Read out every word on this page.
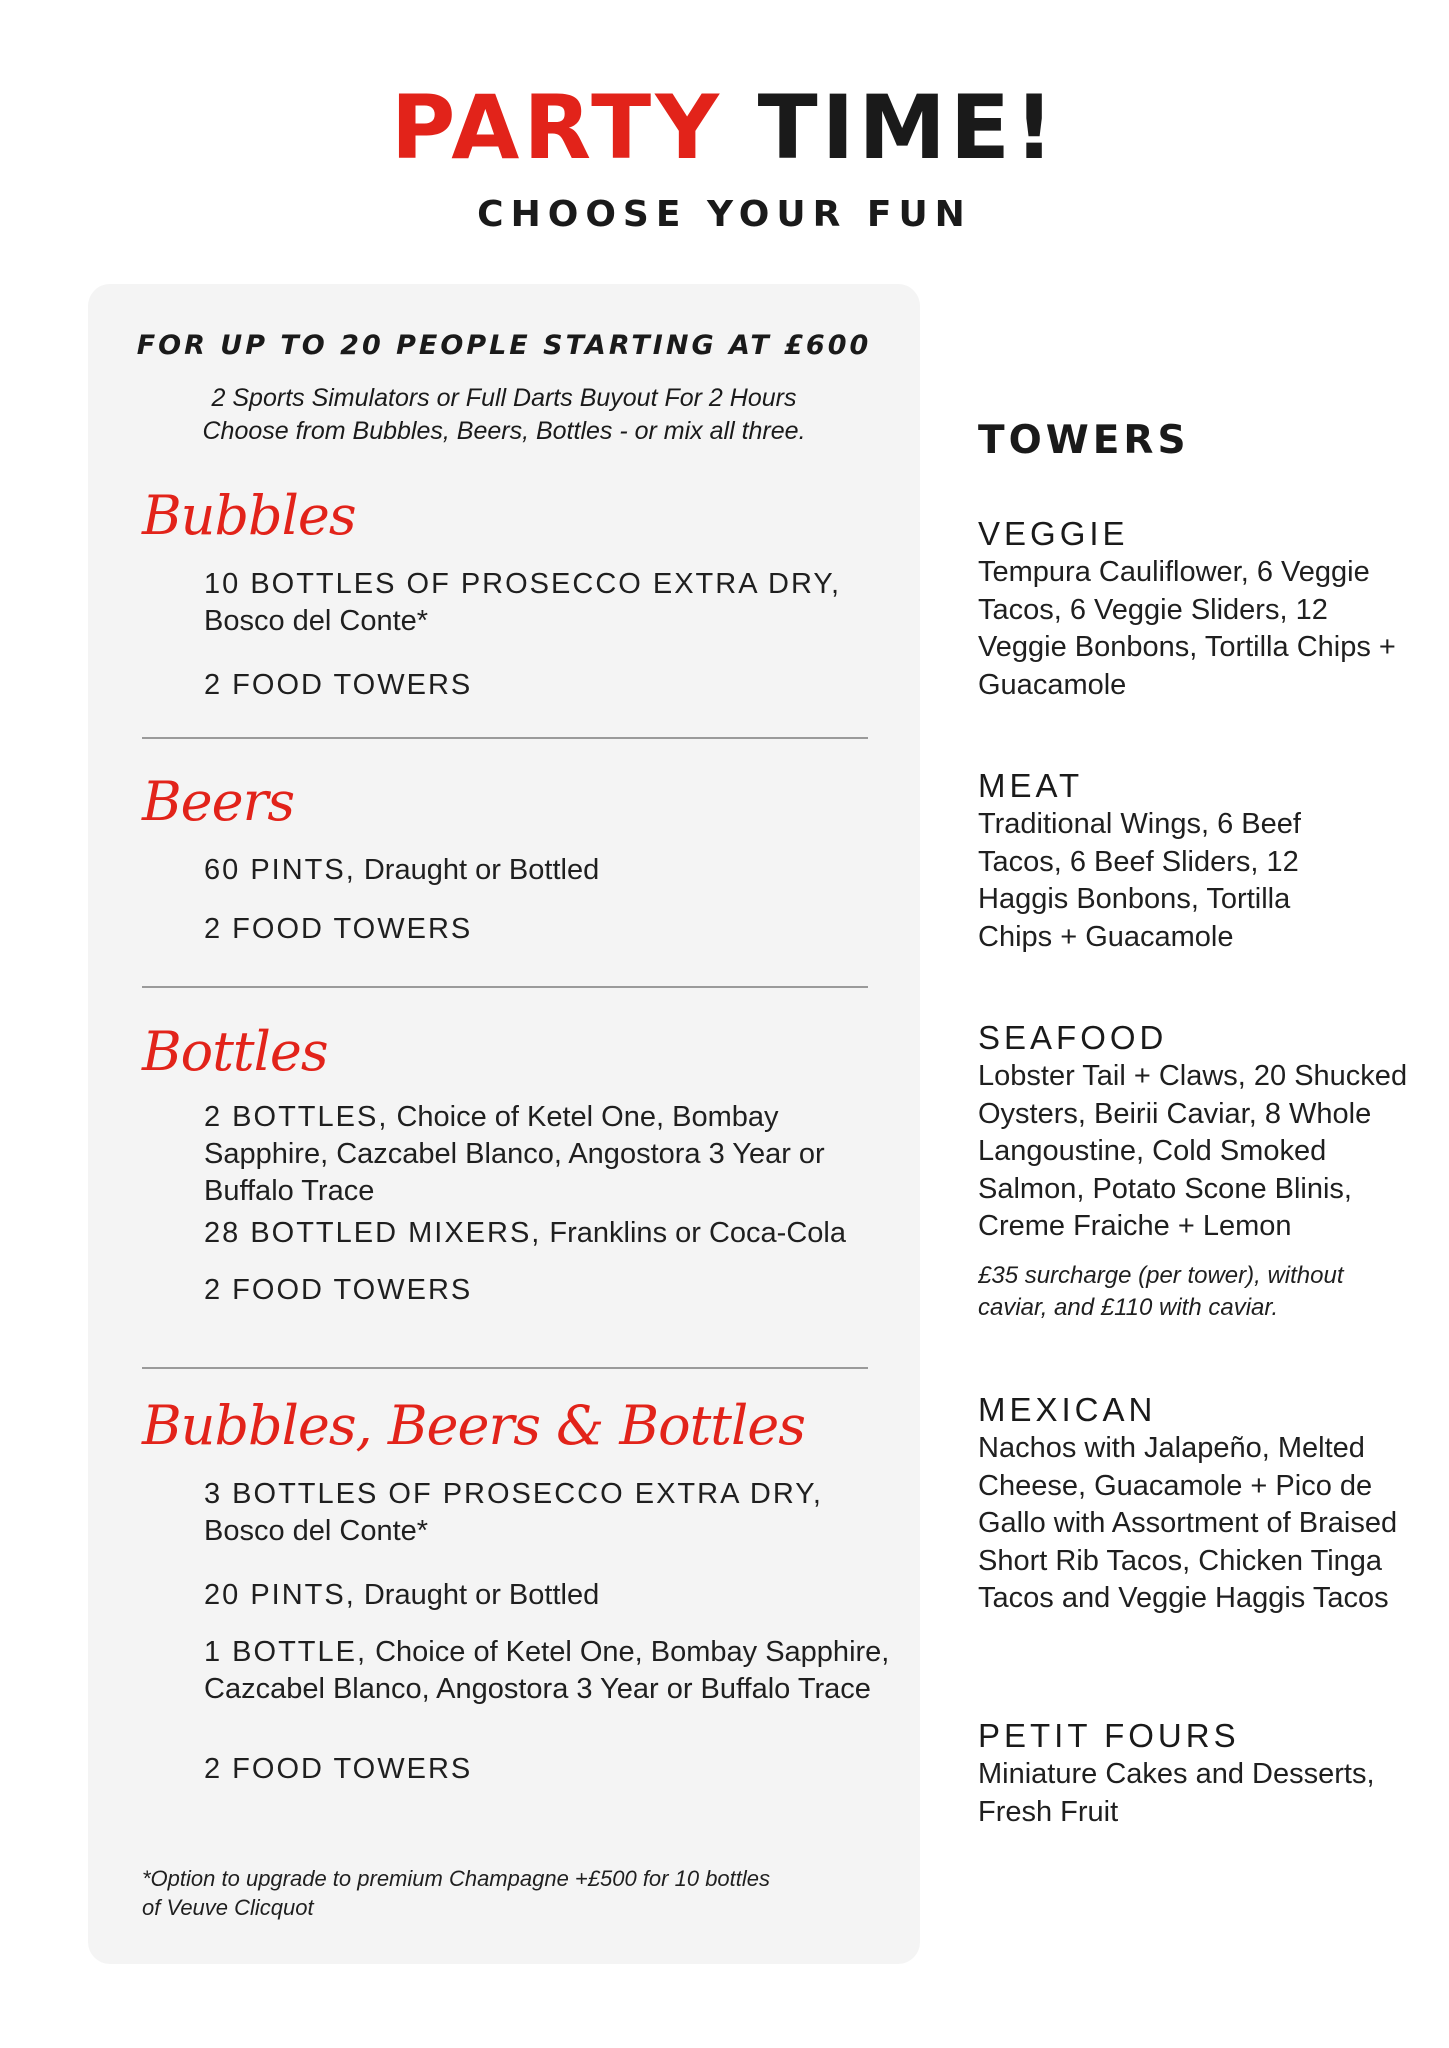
PARTY TIME!
CHOOSE YOUR FUN
FOR UP TO 20 PEOPLE STARTING AT £600
2 Sports Simulators or Full Darts Buyout For 2 Hours
Choose from Bubbles, Beers, Bottles - or mix all three.
Bubbles
10 BOTTLES OF PROSECCO EXTRA DRY,
Bosco del Conte*
2 FOOD TOWERS
Beers
60 PINTS, Draught or Bottled
2 FOOD TOWERS
Bottles
2 BOTTLES, Choice of Ketel One, Bombay Sapphire, Cazcabel Blanco, Angostora 3 Year or Buffalo Trace
28 BOTTLED MIXERS, Franklins or Coca-Cola
2 FOOD TOWERS
Bubbles, Beers & Bottles
3 BOTTLES OF PROSECCO EXTRA DRY,
Bosco del Conte*
20 PINTS, Draught or Bottled
1 BOTTLE, Choice of Ketel One, Bombay Sapphire, Cazcabel Blanco, Angostora 3 Year or Buffalo Trace
2 FOOD TOWERS
*Option to upgrade to premium Champagne +£500 for 10 bottles of Veuve Clicquot
TOWERS
VEGGIE
Tempura Cauliflower, 6 Veggie Tacos, 6 Veggie Sliders, 12 Veggie Bonbons, Tortilla Chips + Guacamole
MEAT
Traditional Wings, 6 Beef Tacos, 6 Beef Sliders, 12 Haggis Bonbons, Tortilla Chips + Guacamole
SEAFOOD
Lobster Tail + Claws, 20 Shucked Oysters, Beirii Caviar, 8 Whole Langoustine, Cold Smoked Salmon, Potato Scone Blinis, Creme Fraiche + Lemon
£35 surcharge (per tower), without caviar, and £110 with caviar.
MEXICAN
Nachos with Jalapeño, Melted Cheese, Guacamole + Pico de Gallo with Assortment of Braised Short Rib Tacos, Chicken Tinga Tacos and Veggie Haggis Tacos
PETIT FOURS
Miniature Cakes and Desserts, Fresh Fruit
